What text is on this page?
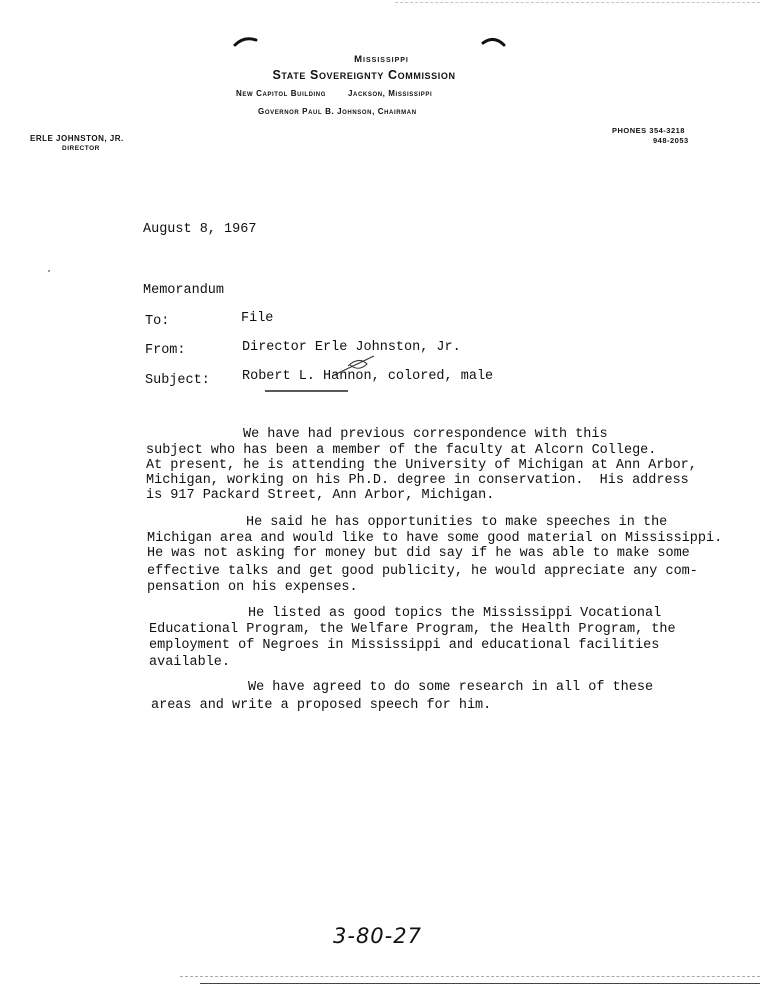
Mississippi
State Sovereignty Commission
New Capitol Building	Jackson, Mississippi
Governor Paul B. Johnson, Chairman
ERLE JOHNSTON, JR.
DIRECTOR
PHONES 354-3218
948-2053
August 8, 1967
Memorandum
To:	File
From:	Director Erle Johnston, Jr.
Subject: Robert L. Hannon, colored, male
We have had previous correspondence with this
subject who has been a member of the faculty at Alcorn College.
At present, he is attending the University of Michigan at Ann Arbor,
Michigan, working on his Ph.D. degree in conservation.  His address
is 917 Packard Street, Ann Arbor, Michigan.
He said he has opportunities to make speeches in the
Michigan area and would like to have some good material on Mississippi.
He was not asking for money but did say if he was able to make some
effective talks and get good publicity, he would appreciate any com-
pensation on his expenses.
He listed as good topics the Mississippi Vocational
Educational Program, the Welfare Program, the Health Program, the
employment of Negroes in Mississippi and educational facilities
available.
We have agreed to do some research in all of these
areas and write a proposed speech for him.
3-80-27
